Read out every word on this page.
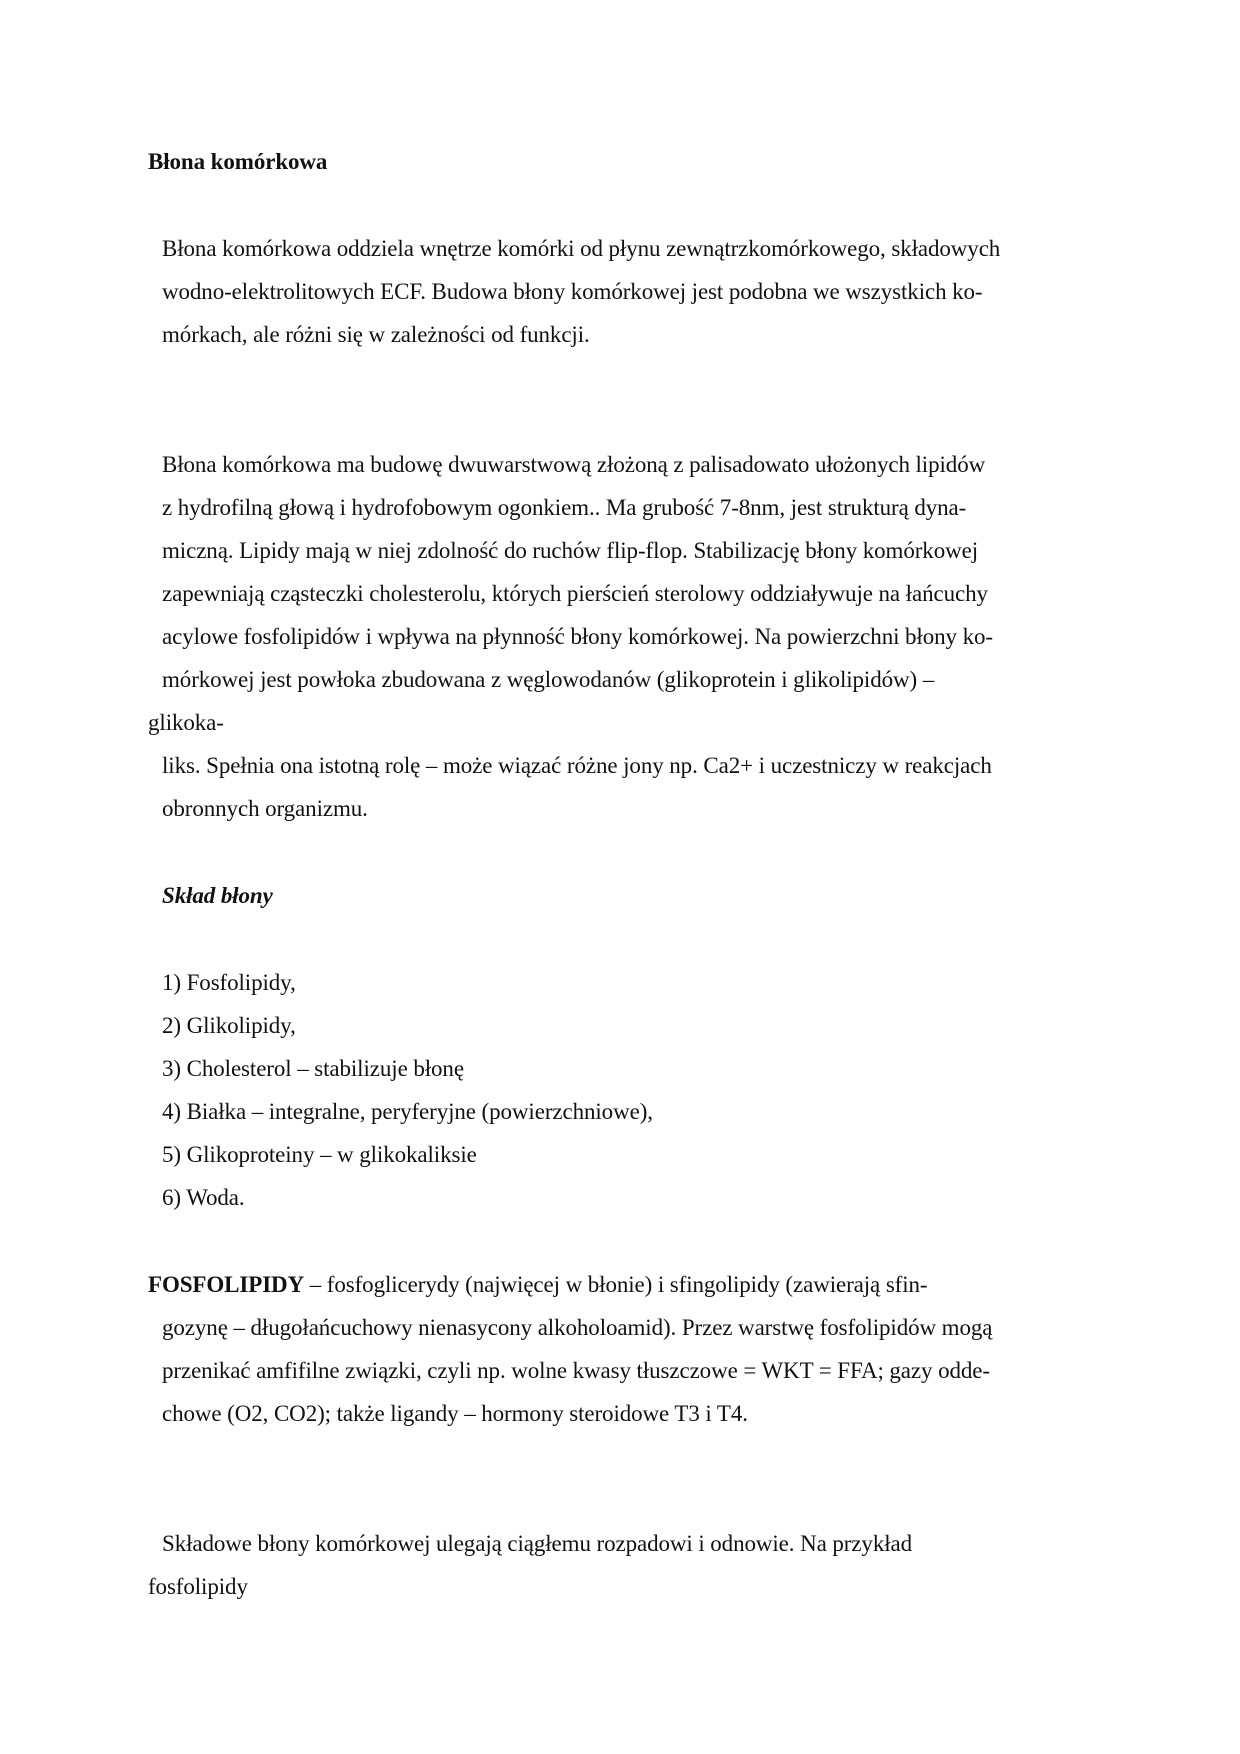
Błona komórkowa
Błona komórkowa oddziela wnętrze komórki od płynu zewnątrzkomórkowego, składowych
wodno-elektrolitowych ECF. Budowa błony komórkowej jest podobna we wszystkich ko-
mórkach, ale różni się w zależności od funkcji.
Błona komórkowa ma budowę dwuwarstwową złożoną z palisadowato ułożonych lipidów
z hydrofilną głową i hydrofobowym ogonkiem.. Ma grubość 7-8nm, jest strukturą dyna-
miczną. Lipidy mają w niej zdolność do ruchów flip-flop. Stabilizację błony komórkowej
zapewniają cząsteczki cholesterolu, których pierścień sterolowy oddziaływuje na łańcuchy
acylowe fosfolipidów i wpływa na płynność błony komórkowej. Na powierzchni błony ko-
mórkowej jest powłoka zbudowana z węglowodanów (glikoprotein i glikolipidów) –
glikoka-
liks. Spełnia ona istotną rolę – może wiązać różne jony np. Ca2+ i uczestniczy w reakcjach
obronnych organizmu.
Skład błony
1) Fosfolipidy,
2) Glikolipidy,
3) Cholesterol – stabilizuje błonę
4) Białka – integralne, peryferyjne (powierzchniowe),
5) Glikoproteiny – w glikokaliksie
6) Woda.
FOSFOLIPIDY – fosfoglicerydy (najwięcej w błonie) i sfingolipidy (zawierają sfin-
gozynę – długołańcuchowy nienasycony alkoholoamid). Przez warstwę fosfolipidów mogą
przenikać amfifilne związki, czyli np. wolne kwasy tłuszczowe = WKT = FFA; gazy odde-
chowe (O2, CO2); także ligandy – hormony steroidowe T3 i T4.
Składowe błony komórkowej ulegają ciągłemu rozpadowi i odnowie. Na przykład
fosfolipidy
